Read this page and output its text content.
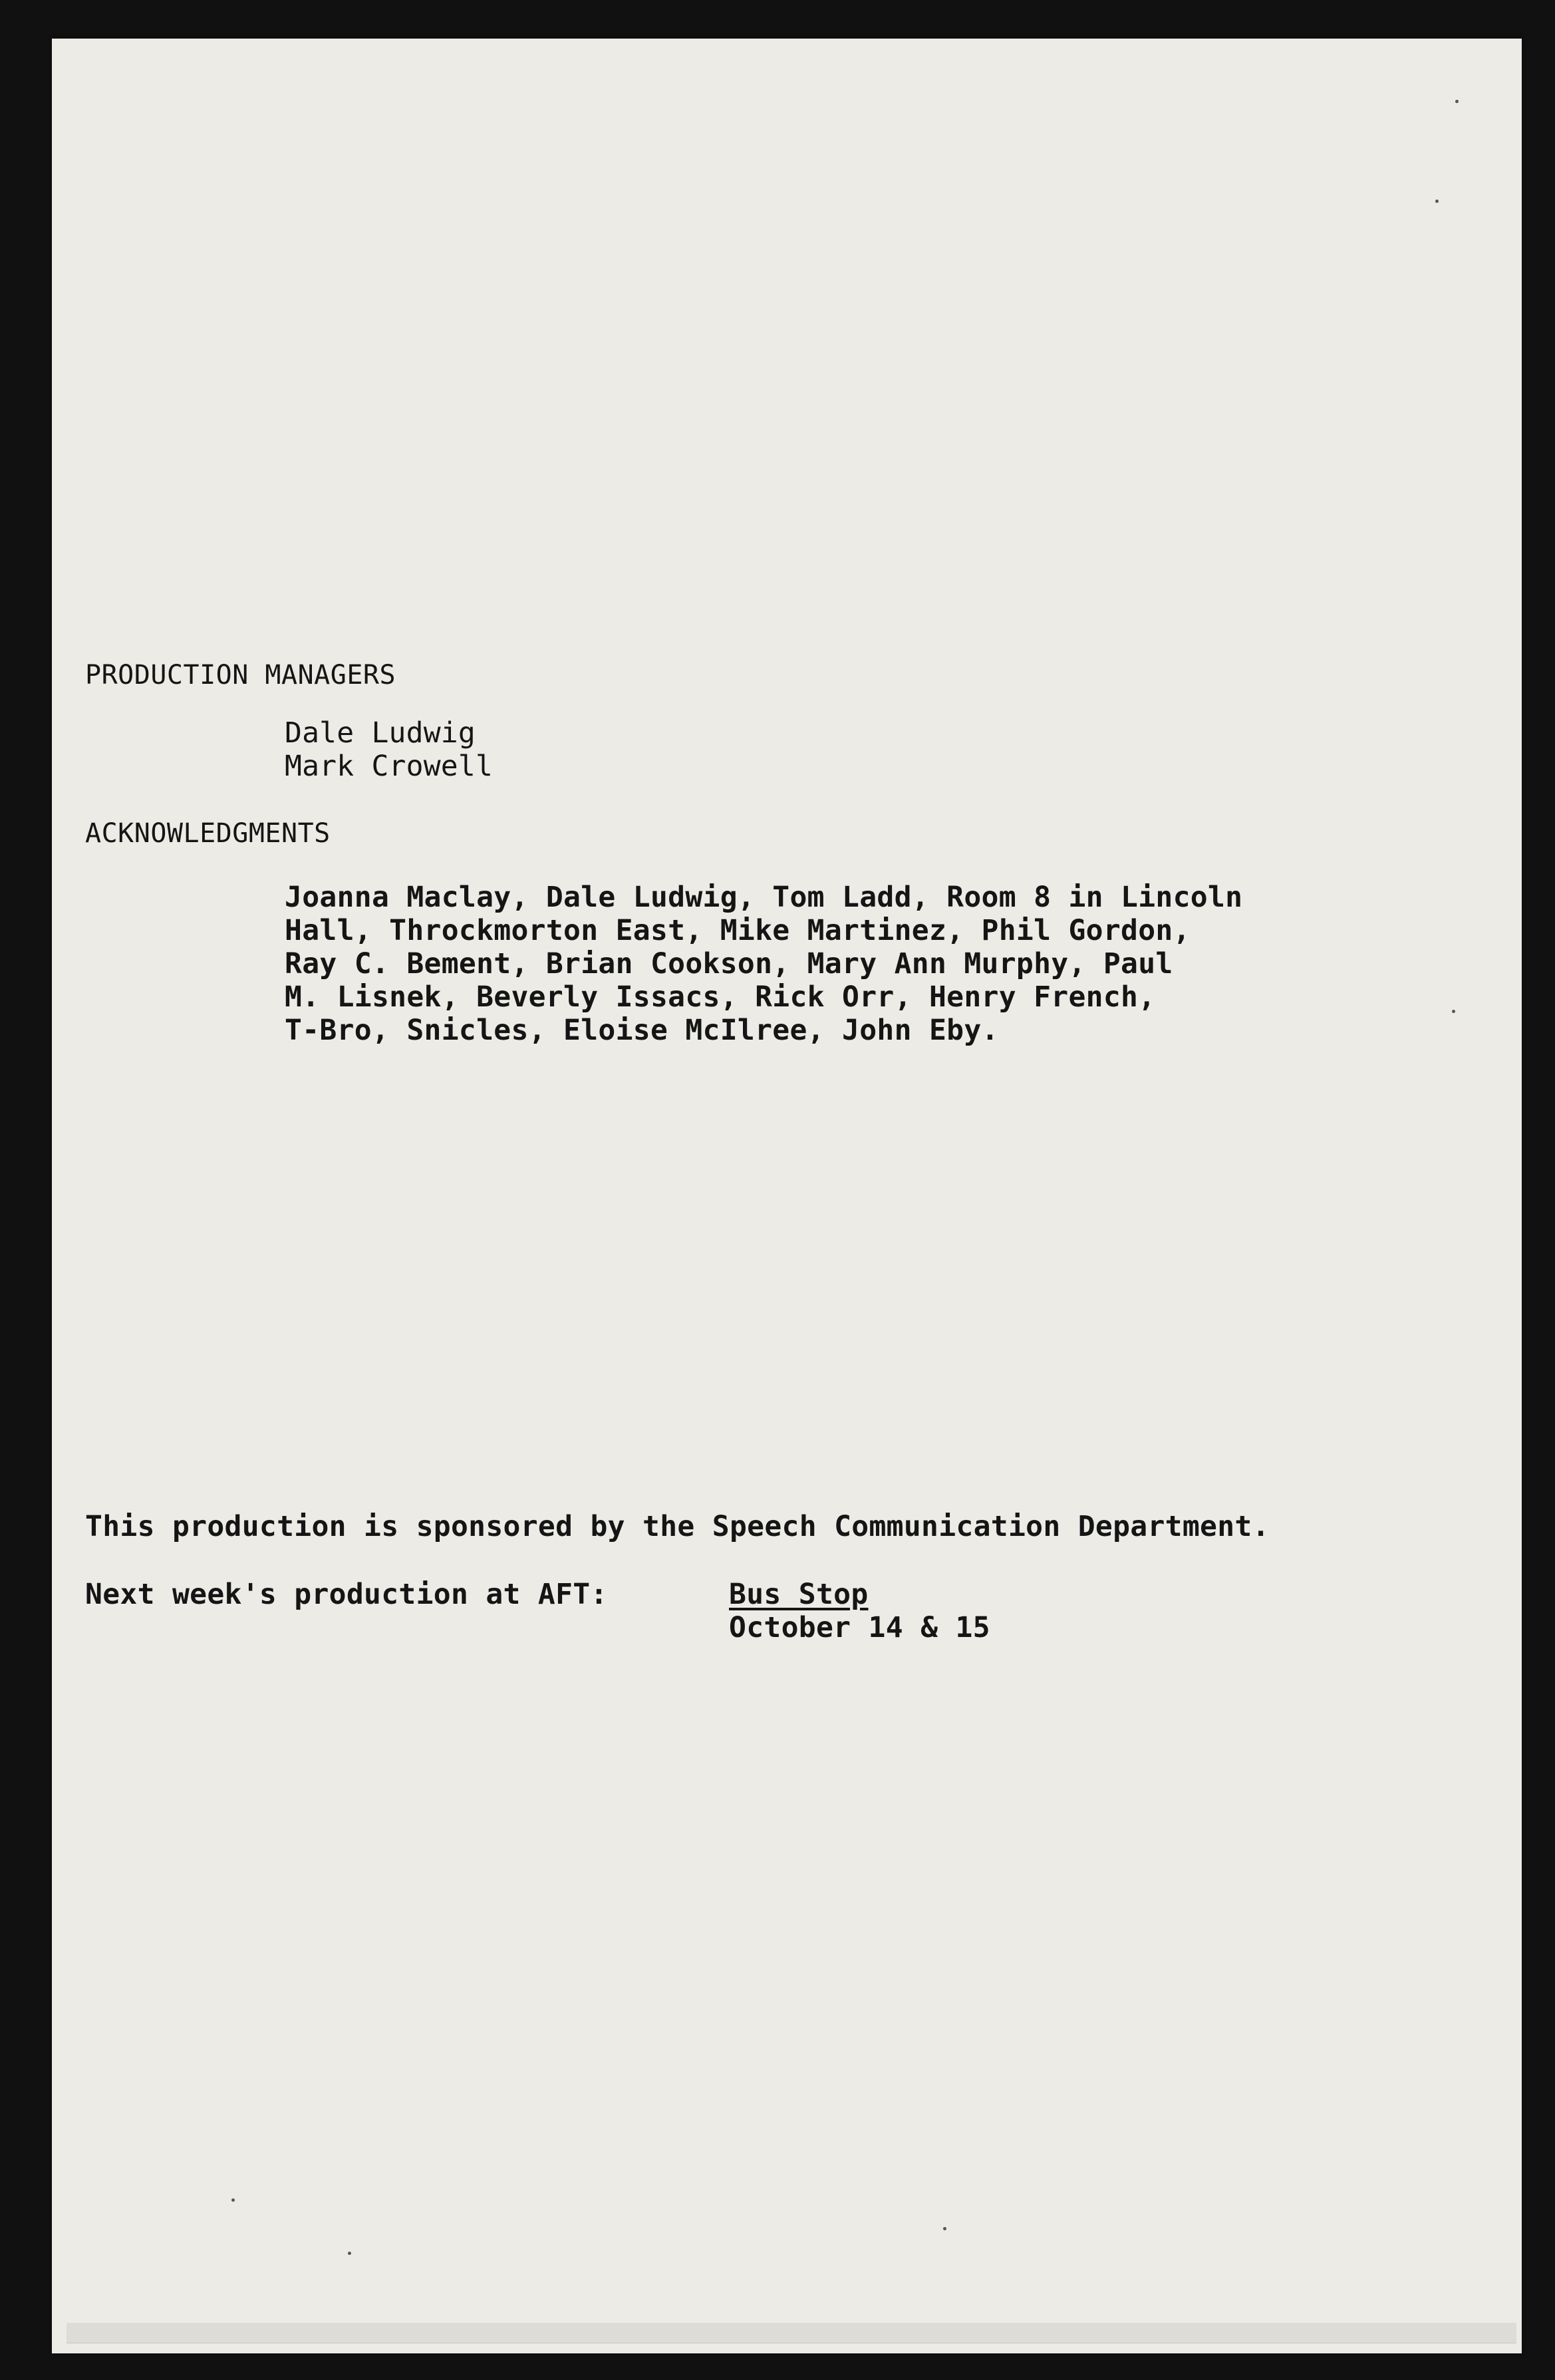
PRODUCTION MANAGERS
Dale Ludwig
Mark Crowell
ACKNOWLEDGMENTS
Joanna Maclay, Dale Ludwig, Tom Ladd, Room 8 in Lincoln
Hall, Throckmorton East, Mike Martinez, Phil Gordon,
Ray C. Bement, Brian Cookson, Mary Ann Murphy, Paul
M. Lisnek, Beverly Issacs, Rick Orr, Henry French,
T-Bro, Snicles, Eloise McIlree, John Eby.
This production is sponsored by the Speech Communication Department.
Next week's production at AFT:	Bus Stop
October 14 & 15
